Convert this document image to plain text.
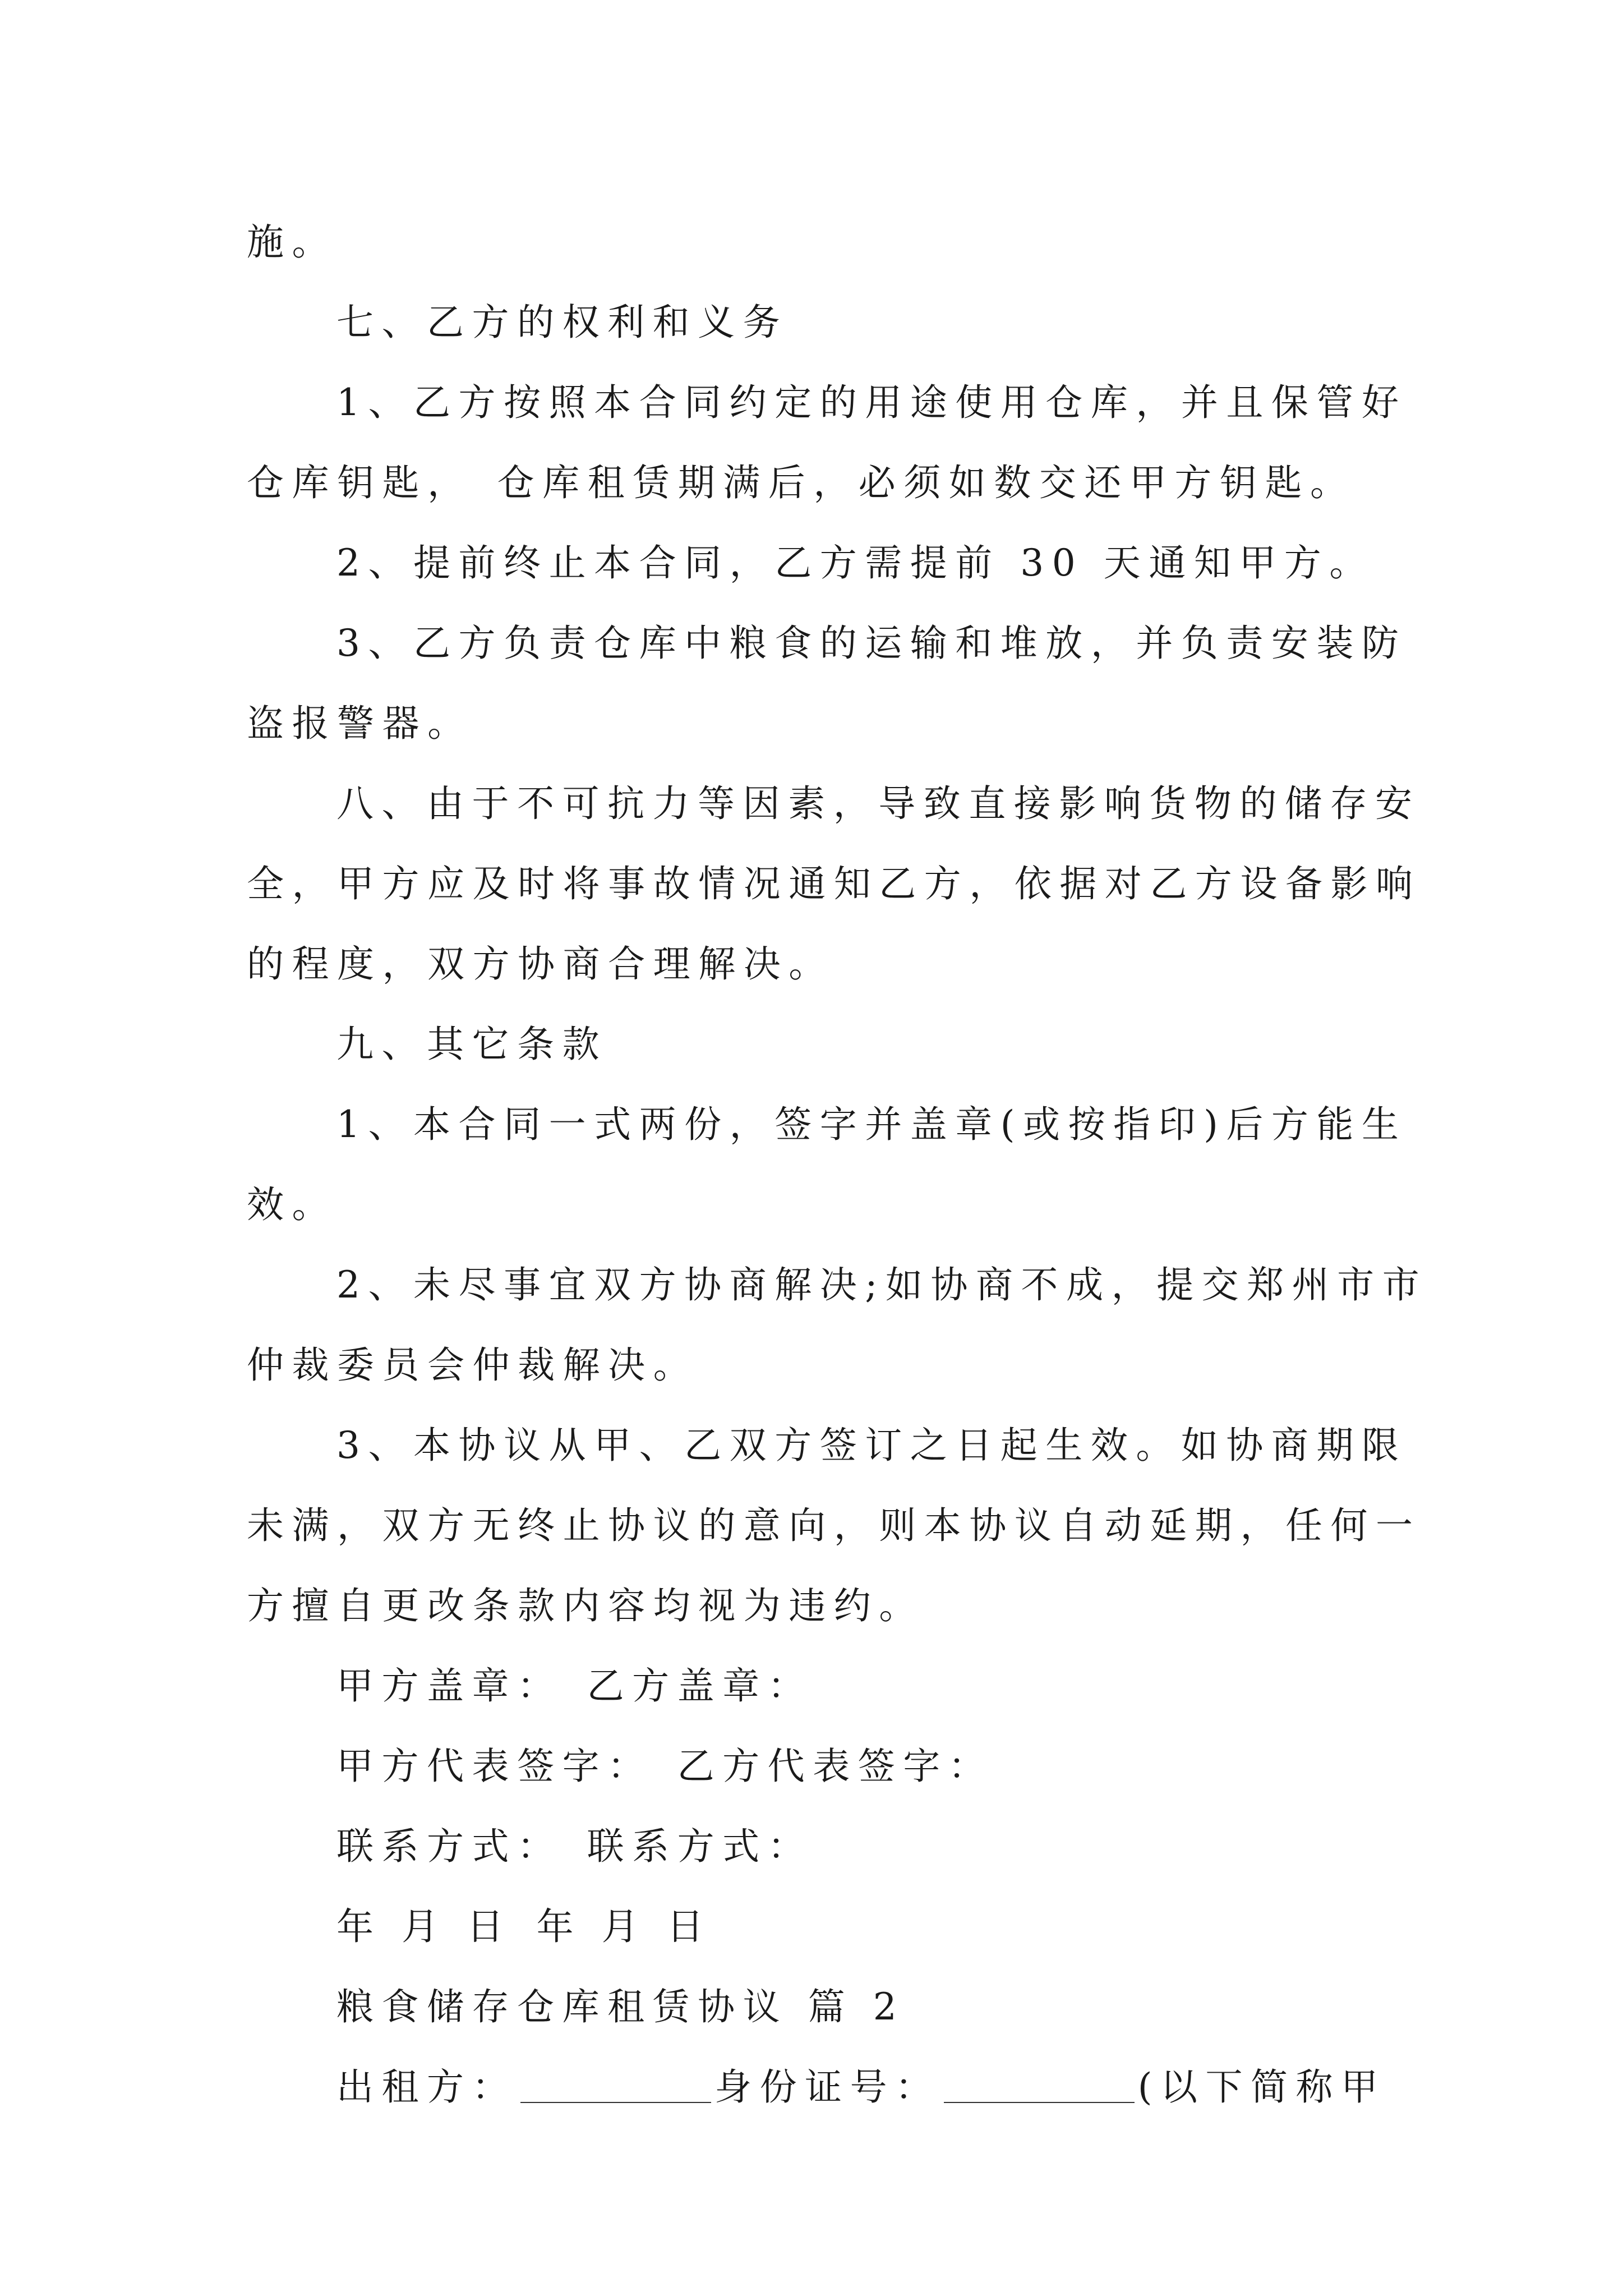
施。
七、乙方的权利和义务
1、乙方按照本合同约定的用途使用仓库，并且保管好
仓库钥匙， 仓库租赁期满后，必须如数交还甲方钥匙。
2、提前终止本合同，乙方需提前 30 天通知甲方。
3、乙方负责仓库中粮食的运输和堆放，并负责安装防
盗报警器。
八、由于不可抗力等因素，导致直接影响货物的储存安
全，甲方应及时将事故情况通知乙方，依据对乙方设备影响
的程度，双方协商合理解决。
九、其它条款
1、本合同一式两份，签字并盖章(或按指印)后方能生
效。
2、未尽事宜双方协商解决;如协商不成，提交郑州市市
仲裁委员会仲裁解决。
3、本协议从甲、乙双方签订之日起生效。如协商期限
未满，双方无终止协议的意向，则本协议自动延期，任何一
方擅自更改条款内容均视为违约。
甲方盖章： 乙方盖章：
甲方代表签字： 乙方代表签字：
联系方式： 联系方式：
年 月 日 年 月 日
粮食储存仓库租赁协议 篇 2
出租方：	身份证号：	(以下简称甲
